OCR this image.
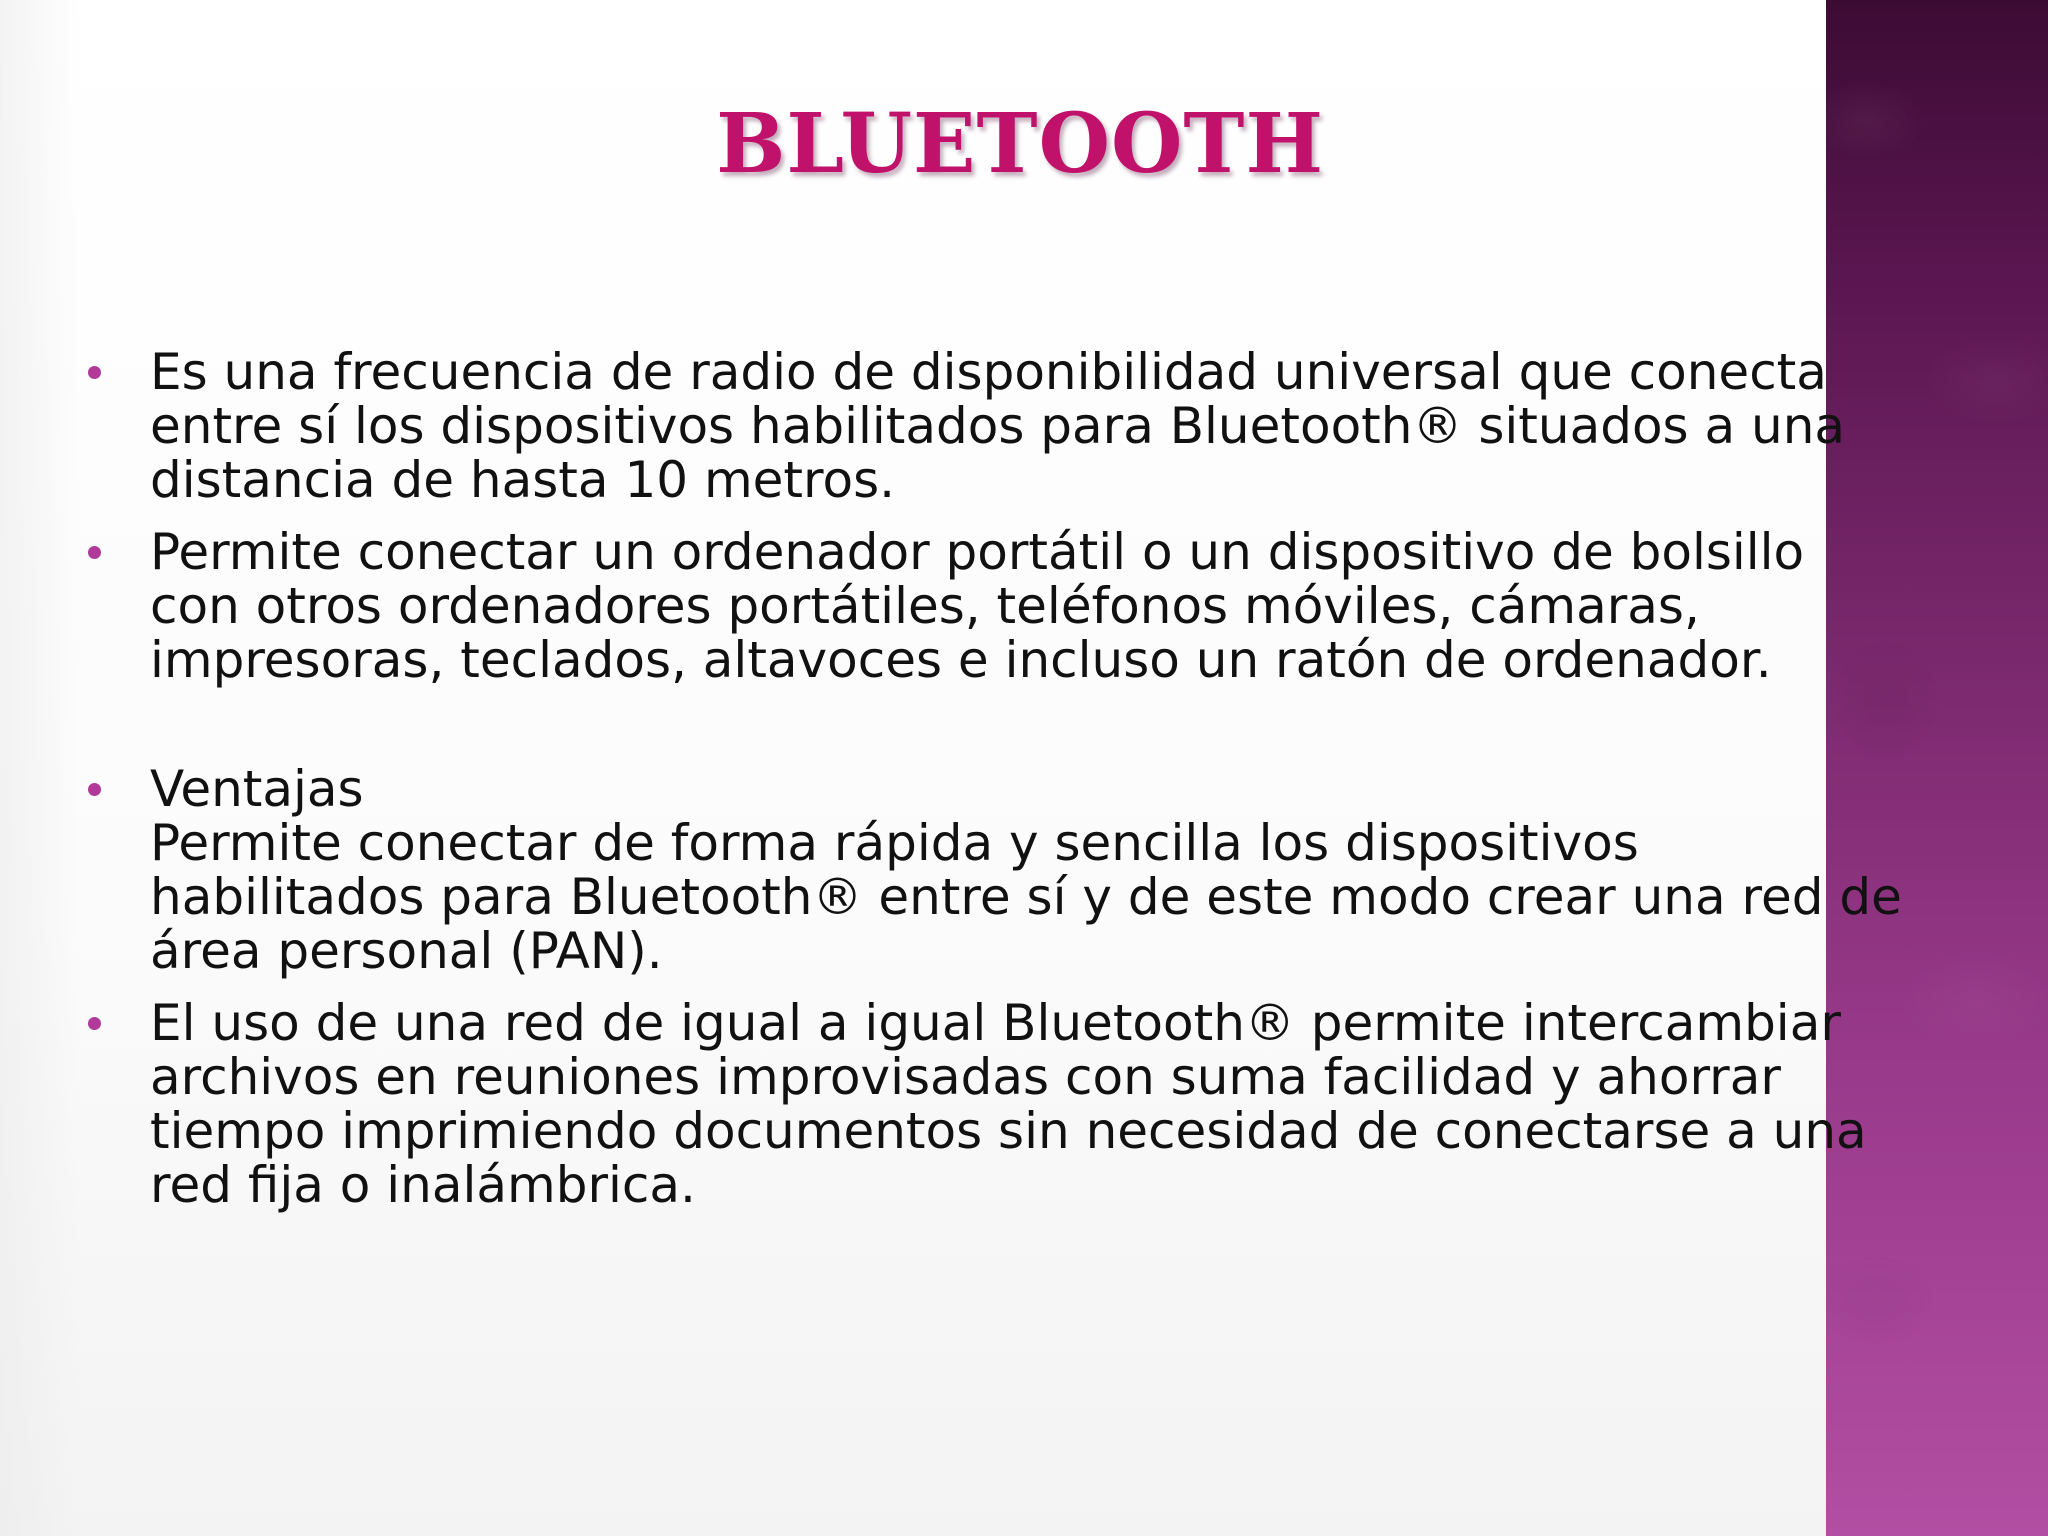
BLUETOOTH
Es una frecuencia de radio de disponibilidad universal que conecta
entre sí los dispositivos habilitados para Bluetooth® situados a una
distancia de hasta 10 metros.
Permite conectar un ordenador portátil o un dispositivo de bolsillo
con otros ordenadores portátiles, teléfonos móviles, cámaras,
impresoras, teclados, altavoces e incluso un ratón de ordenador.
Ventajas
Permite conectar de forma rápida y sencilla los dispositivos
habilitados para Bluetooth® entre sí y de este modo crear una red de
área personal (PAN).
El uso de una red de igual a igual Bluetooth® permite intercambiar
archivos en reuniones improvisadas con suma facilidad y ahorrar
tiempo imprimiendo documentos sin necesidad de conectarse a una
red fija o inalámbrica.
